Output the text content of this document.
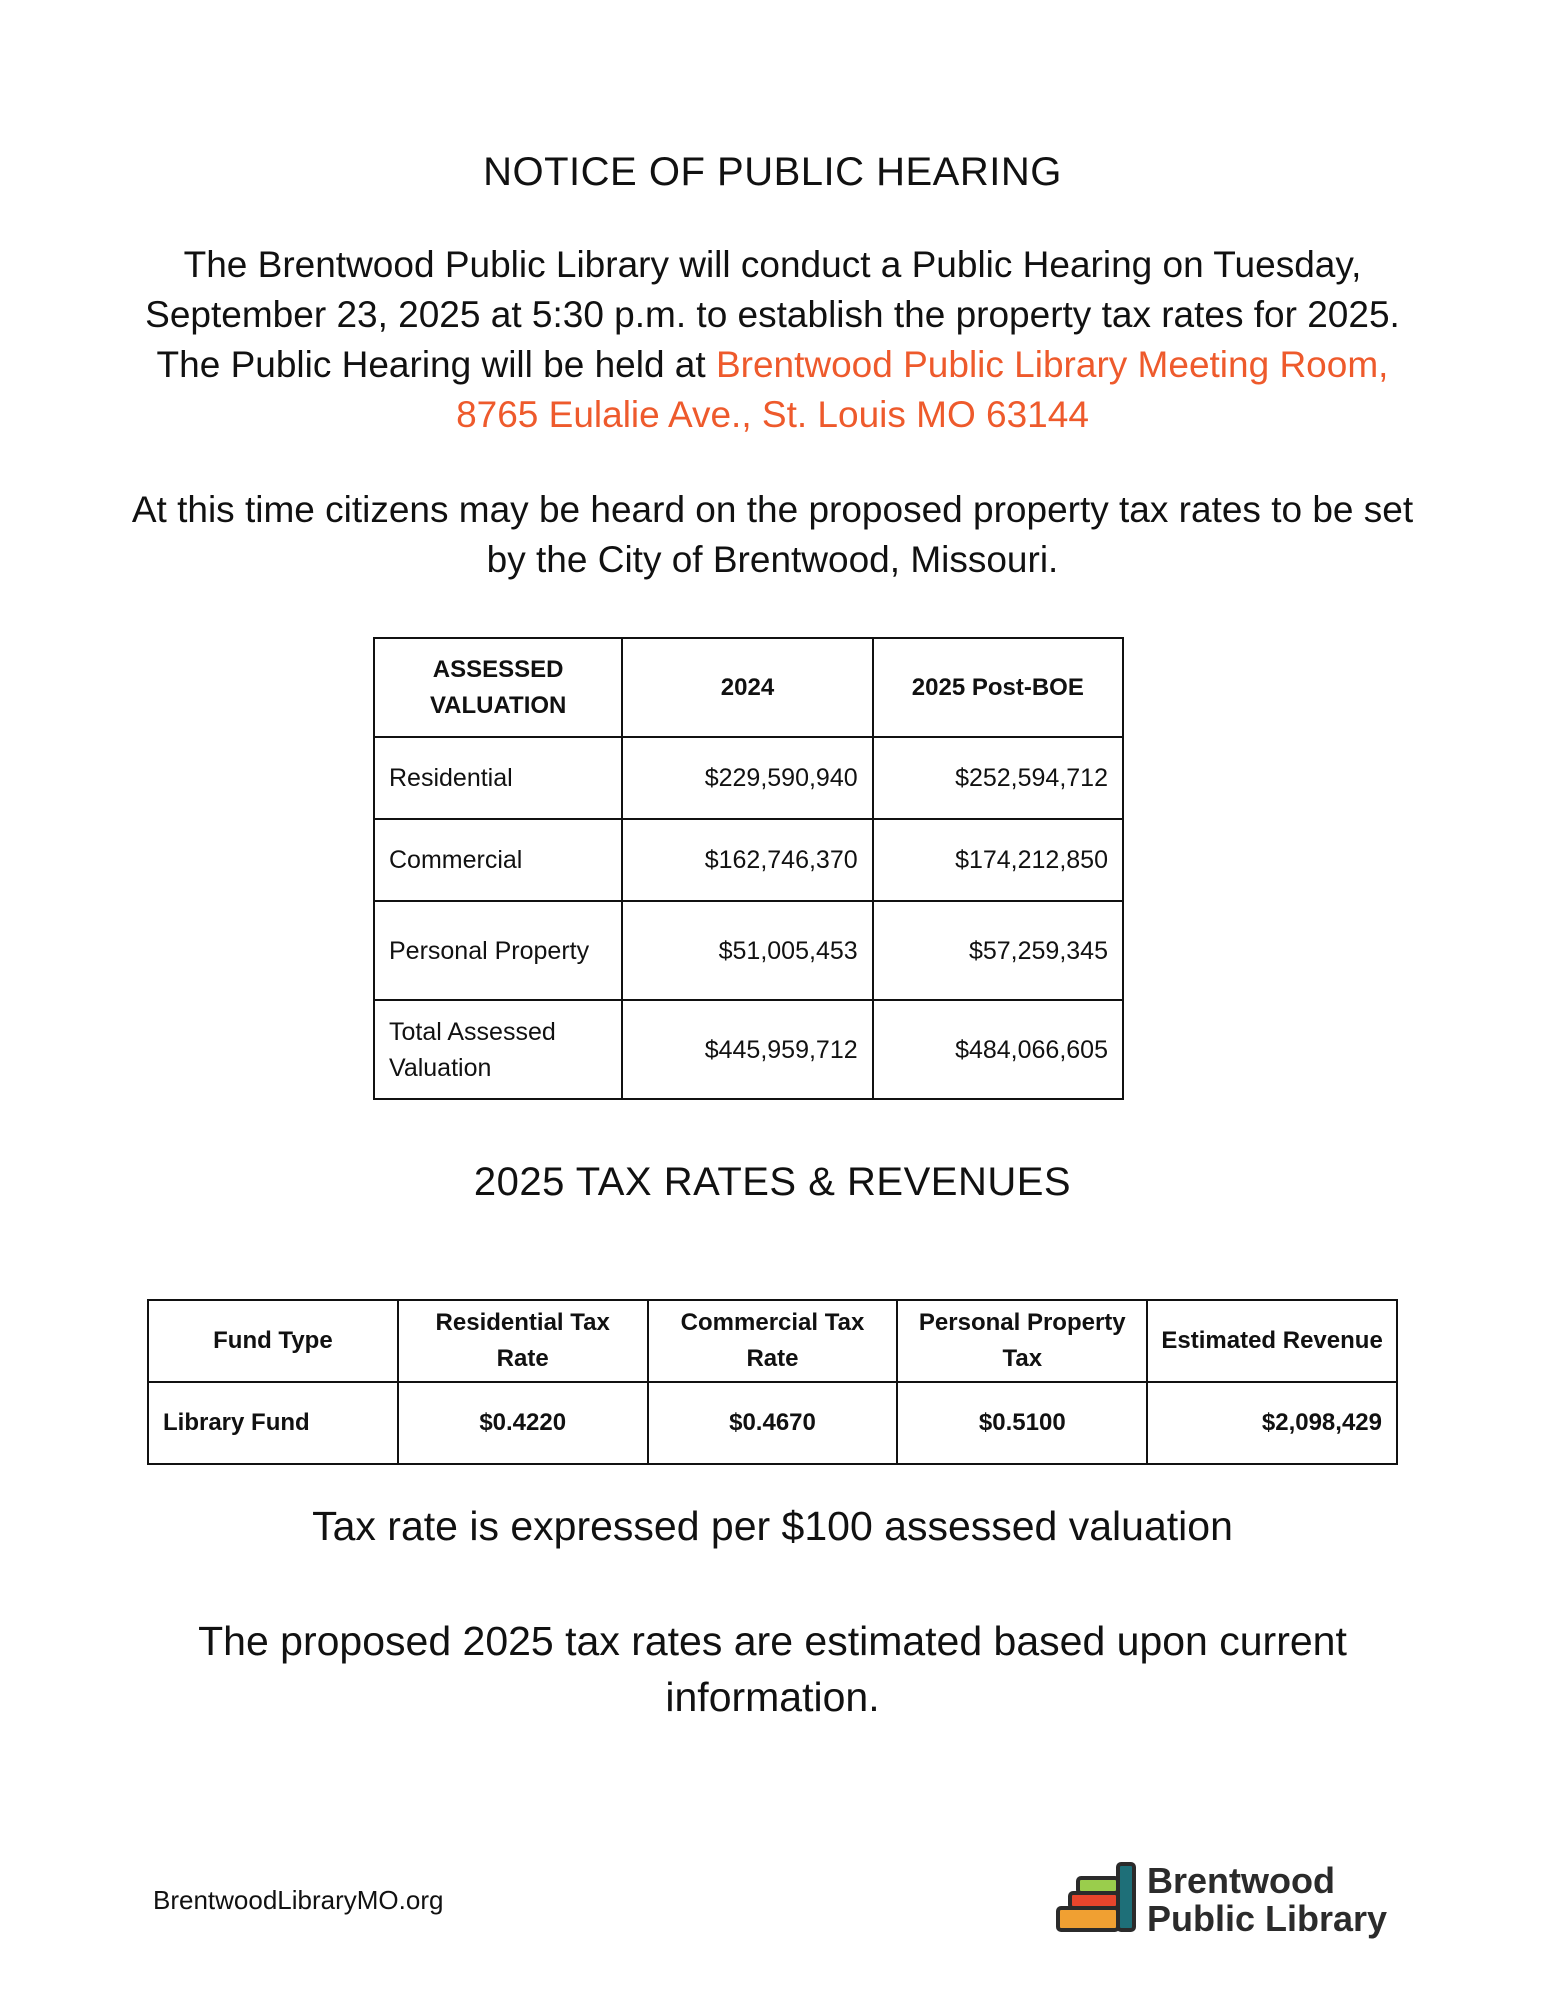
NOTICE OF PUBLIC HEARING
The Brentwood Public Library will conduct a Public Hearing on Tuesday, September 23, 2025 at 5:30 p.m. to establish the property tax rates for 2025. The Public Hearing will be held at Brentwood Public Library Meeting Room, 8765 Eulalie Ave., St. Louis MO 63144
At this time citizens may be heard on the proposed property tax rates to be set by the City of Brentwood, Missouri.
ASSESSED VALUATION	2024	2025 Post-BOE
Residential	$229,590,940	$252,594,712
Commercial	$162,746,370	$174,212,850
Personal Property	$51,005,453	$57,259,345
Total Assessed Valuation	$445,959,712	$484,066,605
2025 TAX RATES & REVENUES
Fund Type	Residential Tax Rate	Commercial Tax Rate	Personal Property Tax	Estimated Revenue
Library Fund	$0.4220	$0.4670	$0.5100	$2,098,429
Tax rate is expressed per $100 assessed valuation
The proposed 2025 tax rates are estimated based upon current information.
BrentwoodLibraryMO.org	Brentwood
Public Library
